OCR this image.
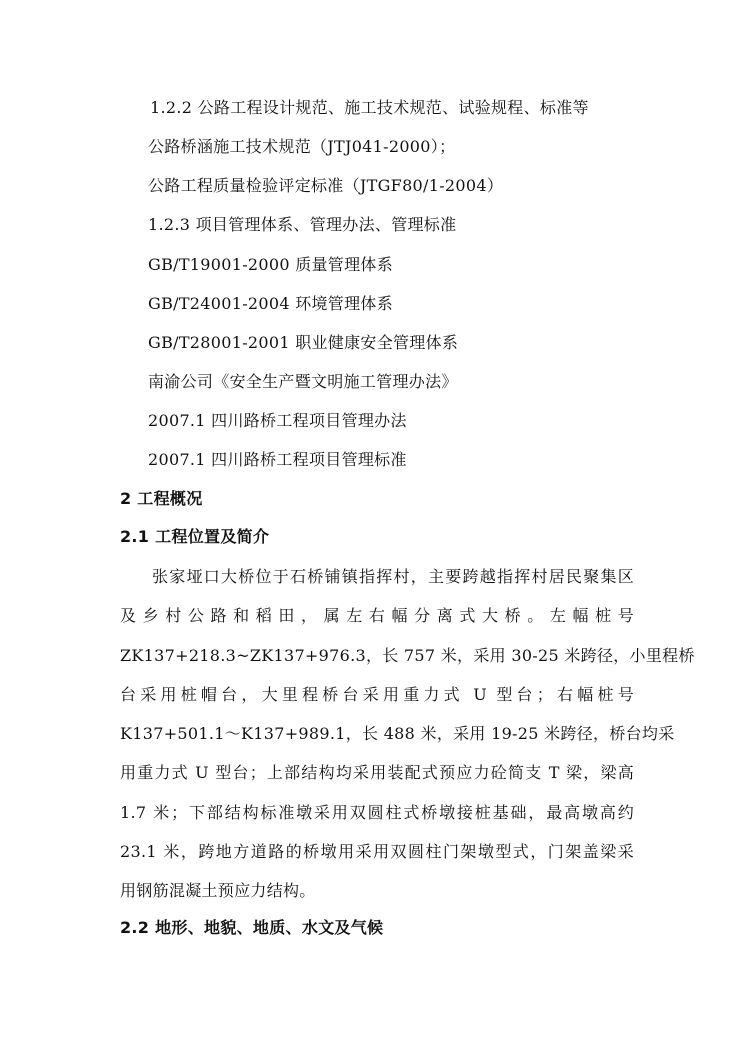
1.2.2 公路工程设计规范、施工技术规范、试验规程、标准等
公路桥涵施工技术规范（JTJ041-2000）；
公路工程质量检验评定标准（JTGF80/1-2004）
1.2.3 项目管理体系、管理办法、管理标准
GB/T19001-2000 质量管理体系
GB/T24001-2004 环境管理体系
GB/T28001-2001 职业健康安全管理体系
南渝公司《安全生产暨文明施工管理办法》
2007.1 四川路桥工程项目管理办法
2007.1 四川路桥工程项目管理标准
2 工程概况
2.1 工程位置及简介
张家垭口大桥位于石桥铺镇指挥村，主要跨越指挥村居民聚集区
及乡村公路和稻田，属左右幅分离式大桥。左幅桩号
ZK137+218.3~ZK137+976.3，长 757 米，采用 30-25 米跨径，小里程桥
台采用桩帽台，大里程桥台采用重力式 U 型台；右幅桩号
K137+501.1～K137+989.1，长 488 米，采用 19-25 米跨径，桥台均采
用重力式 U 型台；上部结构均采用装配式预应力砼简支 T 梁，梁高
1.7 米；下部结构标准墩采用双圆柱式桥墩接桩基础，最高墩高约
23.1 米，跨地方道路的桥墩用采用双圆柱门架墩型式，门架盖梁采
用钢筋混凝土预应力结构。
2.2 地形、地貌、地质、水文及气候
